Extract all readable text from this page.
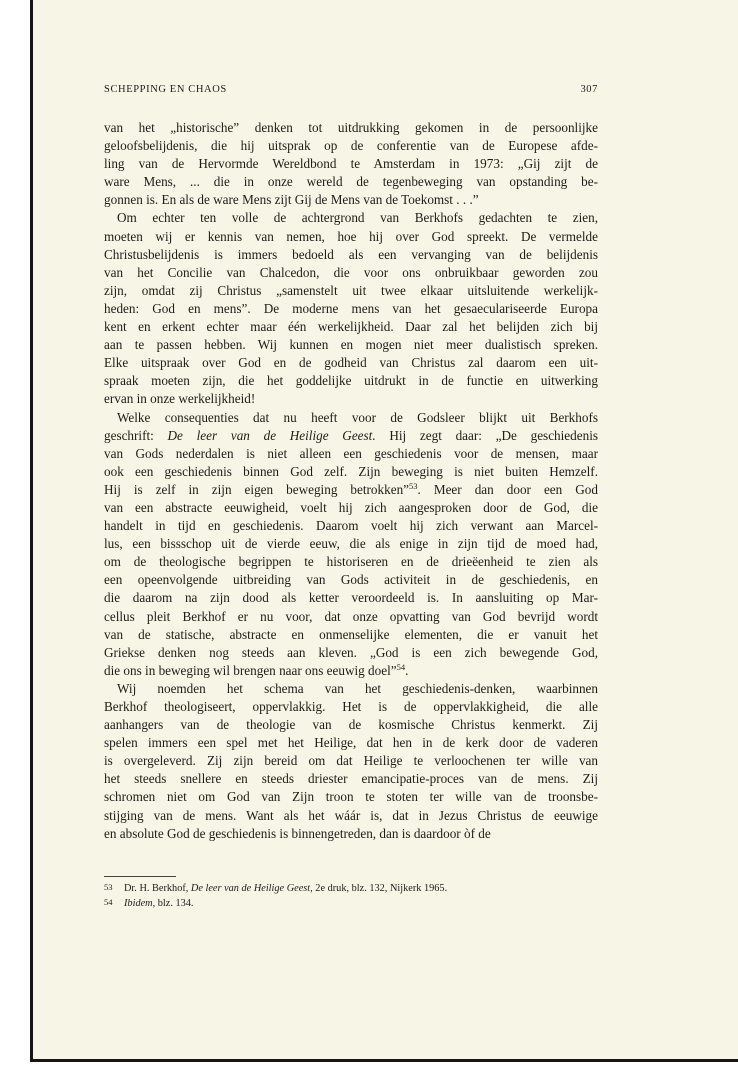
SCHEPPING EN CHAOS	307

van het „historische” denken tot uitdrukking gekomen in de persoonlijke
geloofsbelijdenis, die hij uitsprak op de conferentie van de Europese afde-
ling van de Hervormde Wereldbond te Amsterdam in 1973: „Gij zijt de
ware Mens, ... die in onze wereld de tegenbeweging van opstanding be-
gonnen is. En als de ware Mens zijt Gij de Mens van de Toekomst . . .”

Om echter ten volle de achtergrond van Berkhofs gedachten te zien,
moeten wij er kennis van nemen, hoe hij over God spreekt. De vermelde
Christusbelijdenis is immers bedoeld als een vervanging van de belijdenis
van het Concilie van Chalcedon, die voor ons onbruikbaar geworden zou
zijn, omdat zij Christus „samenstelt uit twee elkaar uitsluitende werkelijk-
heden: God en mens”. De moderne mens van het gesaeculariseerde Europa
kent en erkent echter maar één werkelijkheid. Daar zal het belijden zich bij
aan te passen hebben. Wij kunnen en mogen niet meer dualistisch spreken.
Elke uitspraak over God en de godheid van Christus zal daarom een uit-
spraak moeten zijn, die het goddelijke uitdrukt in de functie en uitwerking
ervan in onze werkelijkheid!

Welke consequenties dat nu heeft voor de Godsleer blijkt uit Berkhofs
geschrift: De leer van de Heilige Geest. Hij zegt daar: „De geschiedenis
van Gods nederdalen is niet alleen een geschiedenis voor de mensen, maar
ook een geschiedenis binnen God zelf. Zijn beweging is niet buiten Hemzelf.
Hij is zelf in zijn eigen beweging betrokken”$^{53}$. Meer dan door een God
van een abstracte eeuwigheid, voelt hij zich aangesproken door de God, die
handelt in tijd en geschiedenis. Daarom voelt hij zich verwant aan Marcel-
lus, een bissschop uit de vierde eeuw, die als enige in zijn tijd de moed had,
om de theologische begrippen te historiseren en de drieëenheid te zien als
een opeenvolgende uitbreiding van Gods activiteit in de geschiedenis, en
die daarom na zijn dood als ketter veroordeeld is. In aansluiting op Mar-
cellus pleit Berkhof er nu voor, dat onze opvatting van God bevrijd wordt
van de statische, abstracte en onmenselijke elementen, die er vanuit het
Griekse denken nog steeds aan kleven. „God is een zich bewegende God,
die ons in beweging wil brengen naar ons eeuwig doel”$^{54}$.

Wij noemden het schema van het geschiedenis-denken, waarbinnen
Berkhof theologiseert, oppervlakkig. Het is de oppervlakkigheid, die alle
aanhangers van de theologie van de kosmische Christus kenmerkt. Zij
spelen immers een spel met het Heilige, dat hen in de kerk door de vaderen
is overgeleverd. Zij zijn bereid om dat Heilige te verloochenen ter wille van
het steeds snellere en steeds driester emancipatie-proces van de mens. Zij
schromen niet om God van Zijn troon te stoten ter wille van de troonsbe-
stijging van de mens. Want als het wáár is, dat in Jezus Christus de eeuwige
en absolute God de geschiedenis is binnengetreden, dan is daardoor òf de

53 Dr. H. Berkhof, De leer van de Heilige Geest, 2e druk, blz. 132, Nijkerk 1965.
54 Ibidem, blz. 134.
